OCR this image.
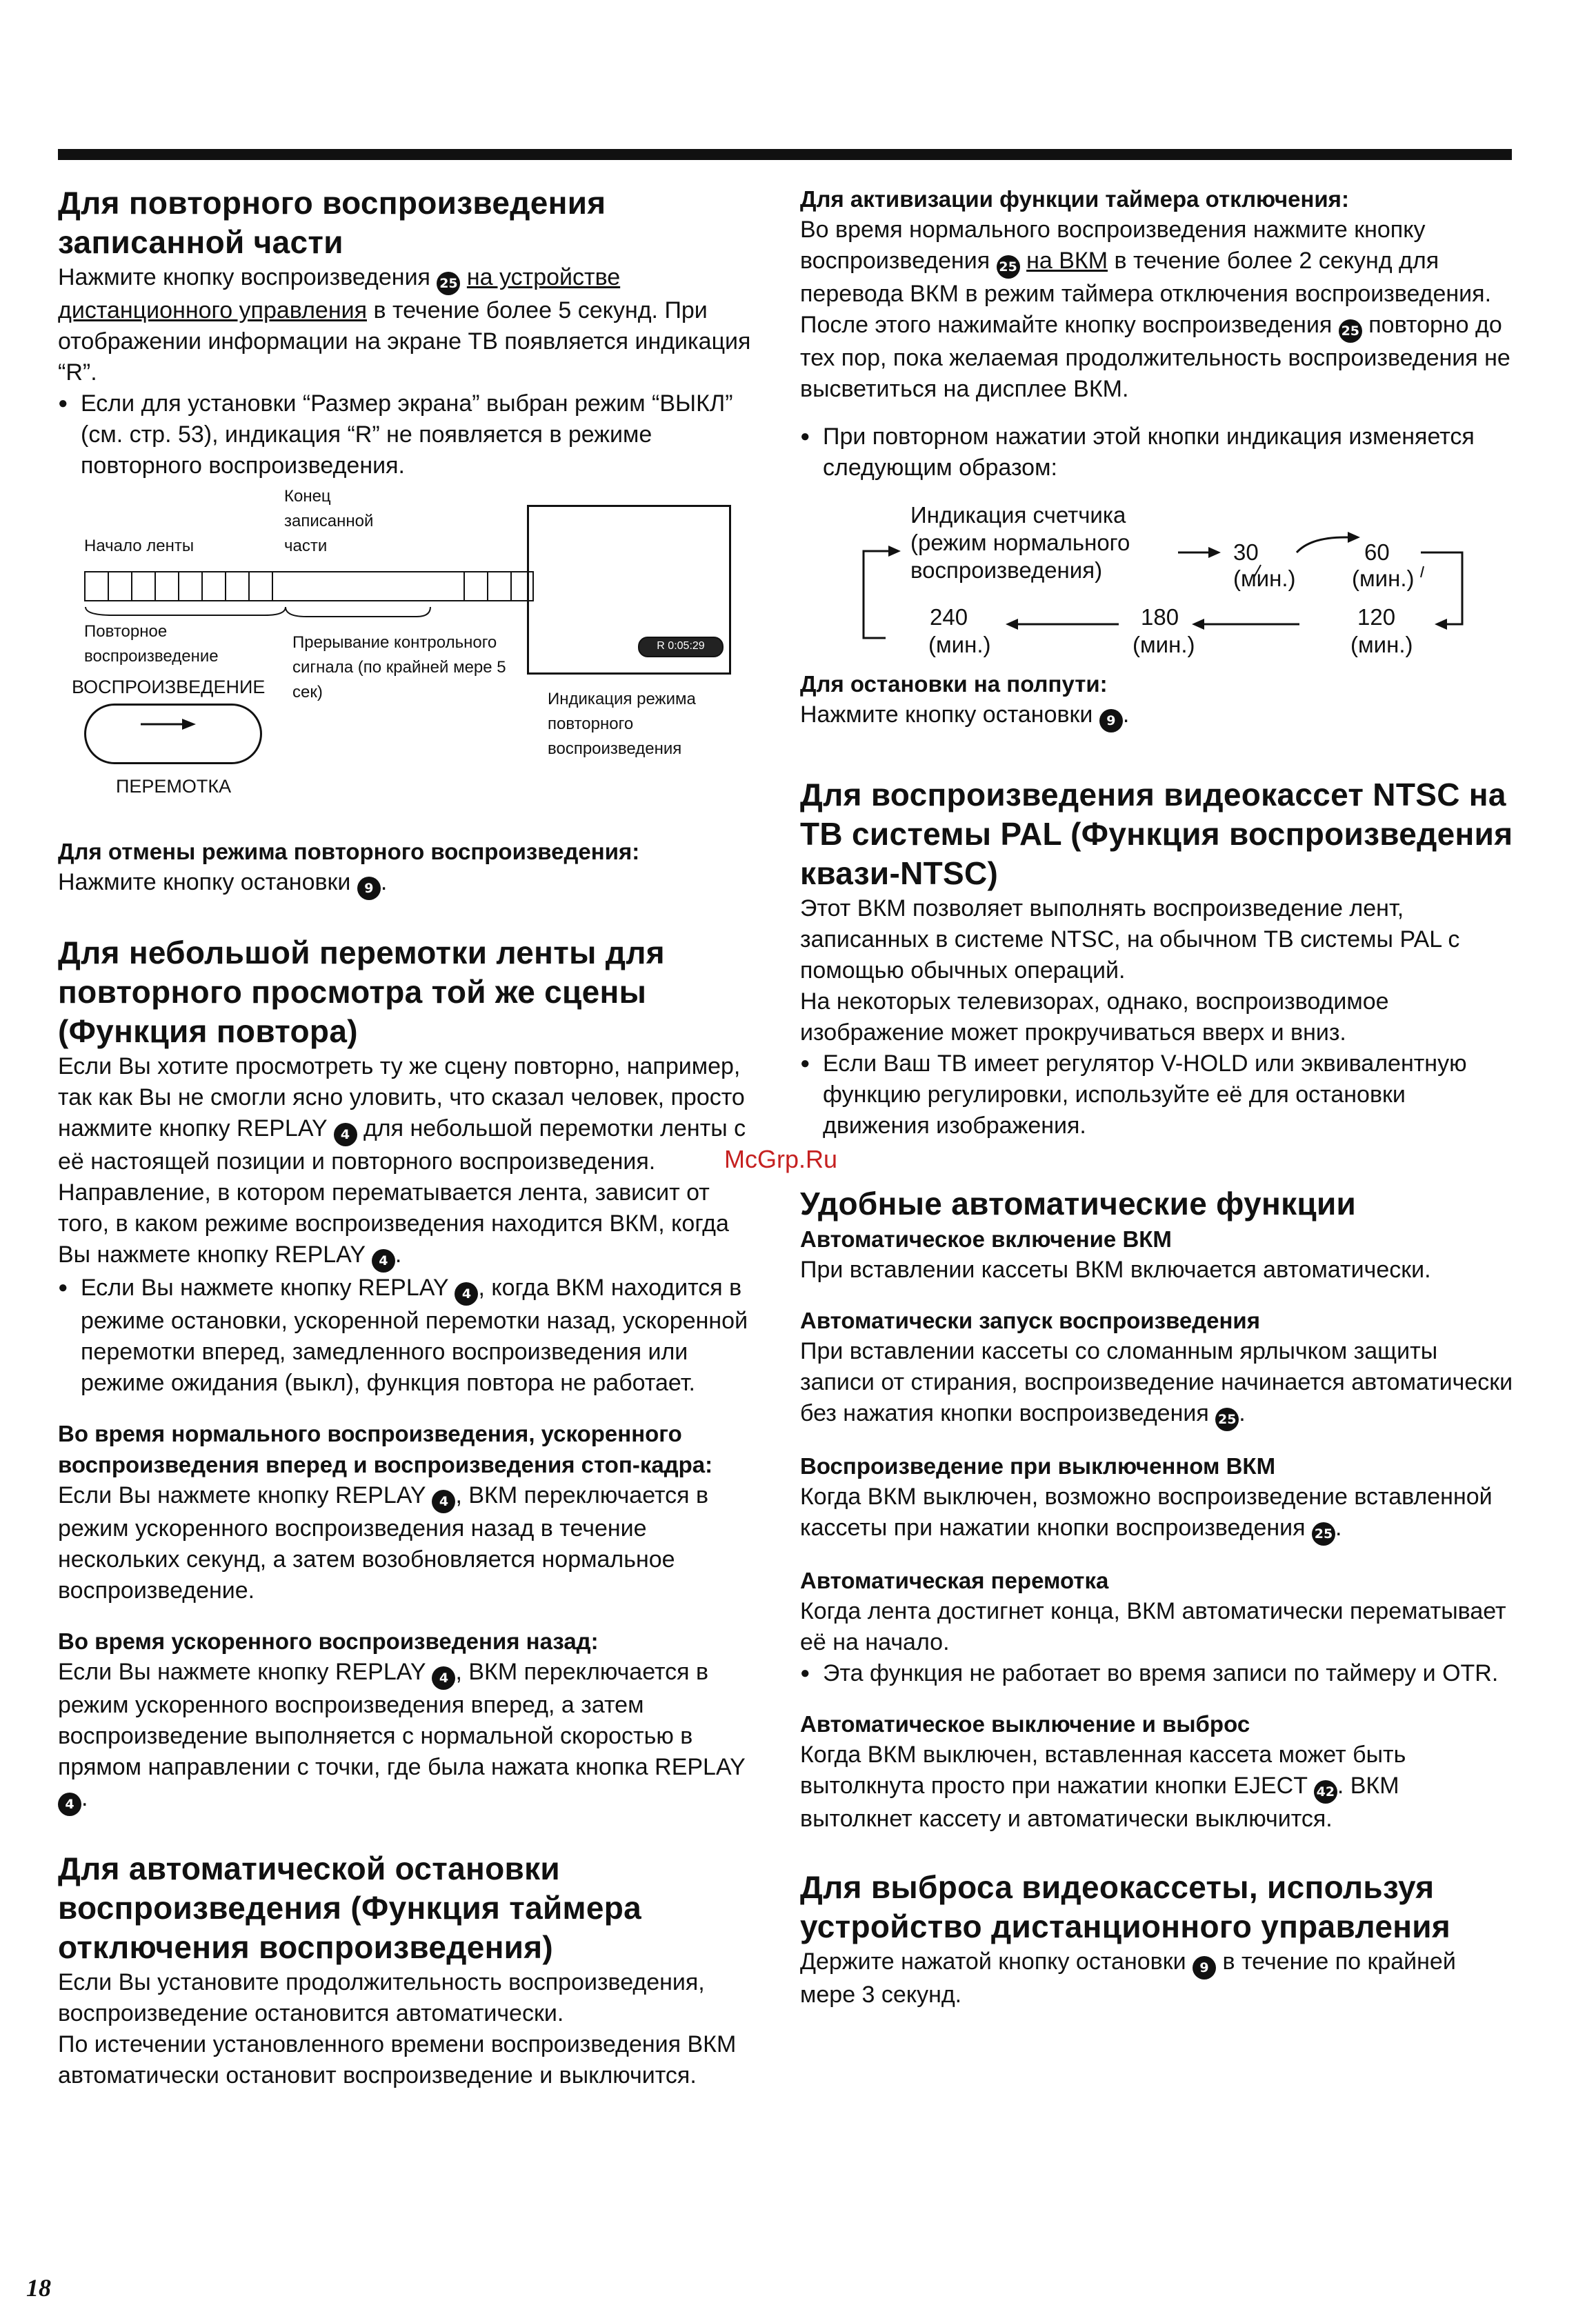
Для повторного воспроизведения записанной части

Нажмите кнопку воспроизведения 25 на устройстве дистанционного управления в течение более 5 секунд. При отображении информации на экране ТВ появляется индикация “R”.

● Если для установки “Размер экрана” выбран режим “ВЫКЛ” (см. стр. 53), индикация “R” не появляется в режиме повторного воспроизведения.
Конец записанной части
Начало ленты
Повторное воспроизведение
Прерывание контрольного сигнала (по крайней мере 5 сек)
ВОСПРОИЗВЕДЕНИЕ
ПЕРЕМОТКА
R 0:05:29
Индикация режима повторного воспроизведения
Для отмены режима повторного воспроизведения:

Нажмите кнопку остановки 9 .

Для небольшой перемотки ленты для повторного просмотра той же сцены (Функция повтора)

Если Вы хотите просмотреть ту же сцену повторно, например, так как Вы не смогли ясно уловить, что сказал человек, просто нажмите кнопку REPLAY 4 для небольшой перемотки ленты с её настоящей позиции и повторного воспроизведения.

Направление, в котором перематывается лента, зависит от того, в каком режиме воспроизведения находится ВКМ, когда Вы нажмете кнопку REPLAY 4 .

● Если Вы нажмете кнопку REPLAY 4 , когда ВКМ находится в режиме остановки, ускоренной перемотки назад, ускоренной перемотки вперед, замедленного воспроизведения или режиме ожидания (выкл), функция повтора не работает.
Во время нормального воспроизведения, ускоренного воспроизведения вперед и воспроизведения стоп-кадра:

Если Вы нажмете кнопку REPLAY 4 , ВКМ переключается в режим ускоренного воспроизведения назад в течение нескольких секунд, а затем возобновляется нормальное воспроизведение.

Во время ускоренного воспроизведения назад:

Если Вы нажмете кнопку REPLAY 4 , ВКМ переключается в режим ускоренного воспроизведения вперед, а затем воспроизведение выполняется с нормальной скоростью в прямом направлении с точки, где была нажата кнопка REPLAY 4 .

Для автоматической остановки воспроизведения (Функция таймера отключения воспроизведения)

Если Вы установите продолжительность воспроизведения, воспроизведение остановится автоматически.

По истечении установленного времени воспроизведения ВКМ автоматически остановит воспроизведение и выключится.

Для активизации функции таймера отключения:

Во время нормального воспроизведения нажмите кнопку воспроизведения 25 на ВКМ в течение более 2 секунд для перевода ВКМ в режим таймера отключения воспроизведения.

После этого нажимайте кнопку воспроизведения 25 повторно до тех пор, пока желаемая продолжительность воспроизведения не высветиться на дисплее ВКМ.

● При повторном нажатии этой кнопки индикация изменяется следующим образом:
Индикация счетчика (режим нормального воспроизведения)
30
(мин.)
60
(мин.)
120
(мин.)
180
(мин.)
240
(мин.)
Для остановки на полпути:

Нажмите кнопку остановки 9 .

Для воспроизведения видеокассет NTSC на ТВ системы PAL (Функция воспроизведения квази-NTSC)

Этот ВКМ позволяет выполнять воспроизведение лент, записанных в системе NTSC, на обычном ТВ системы PAL с помощью обычных операций.

На некоторых телевизорах, однако, воспроизводимое изображение может прокручиваться вверх и вниз.

● Если Ваш ТВ имеет регулятор V-HOLD или эквивалентную функцию регулировки, используйте её для остановки движения изображения.
Удобные автоматические функции
Автоматическое включение ВКМ

При вставлении кассеты ВКМ включается автоматически.

Автоматически запуск воспроизведения

При вставлении кассеты со сломанным ярлычком защиты записи от стирания, воспроизведение начинается автоматически без нажатия кнопки воспроизведения 25 .

Воспроизведение при выключенном ВКМ

Когда ВКМ выключен, возможно воспроизведение вставленной кассеты при нажатии кнопки воспроизведения 25 .

Автоматическая перемотка

Когда лента достигнет конца, ВКМ автоматически перематывает её на начало.

● Эта функция не работает во время записи по таймеру и OTR.
Автоматическое выключение и выброс

Когда ВКМ выключен, вставленная кассета может быть вытолкнута просто при нажатии кнопки EJECT 42 . ВКМ вытолкнет кассету и автоматически выключится.

Для выброса видеокассеты, используя устройство дистанционного управления

Держите нажатой кнопку остановки 9 в течение по крайней мере 3 секунд.

McGrp.Ru
18
